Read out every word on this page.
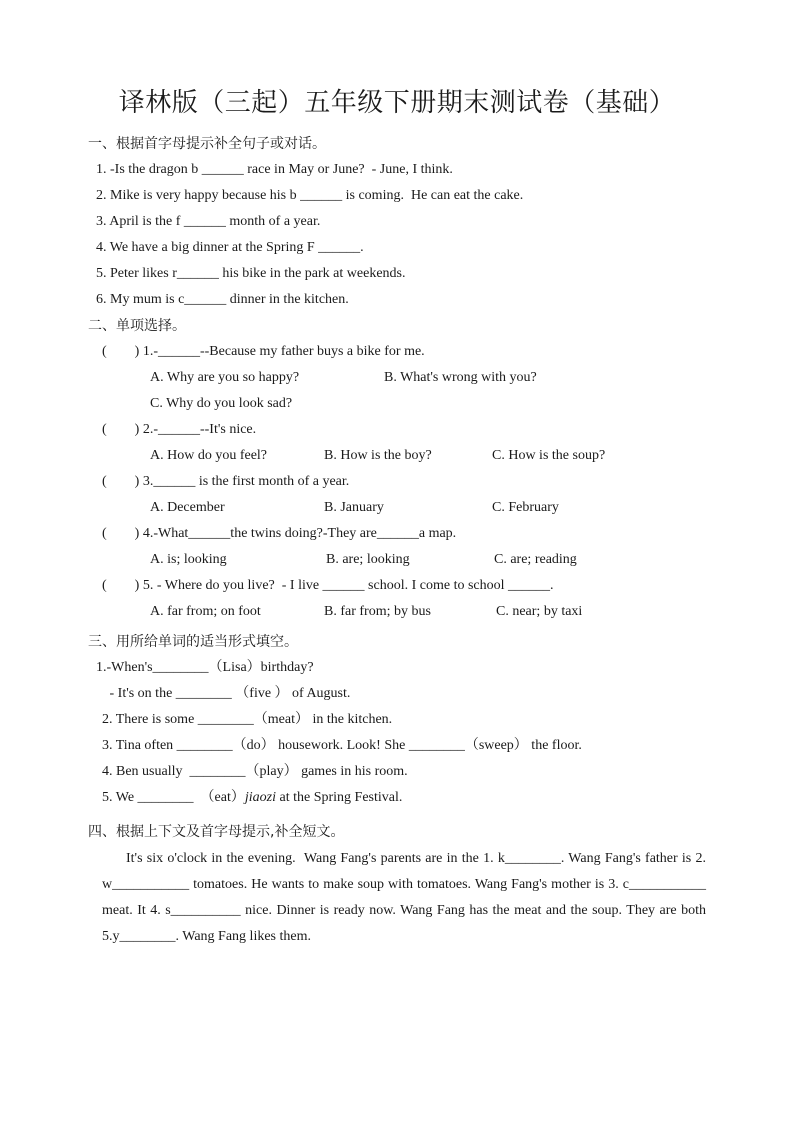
译林版（三起）五年级下册期末测试卷（基础）
一、根据首字母提示补全句子或对话。
1. -Is the dragon b ______ race in May or June?  - June, I think.
2. Mike is very happy because his b ______ is coming.  He can eat the cake.
3. April is the f ______ month of a year.
4. We have a big dinner at the Spring F ______.
5. Peter likes r______ his bike in the park at weekends.
6. My mum is c______ dinner in the kitchen.
二、单项选择。
(        ) 1.-______--Because my father buys a bike for me.
A. Why are you so happy?	B. What's wrong with you?
C. Why do you look sad?
(        ) 2.-______--It's nice.
A. How do you feel?	B. How is the boy?	C. How is the soup?
(        ) 3.______ is the first month of a year.
A. December	B. January	C. February
(        ) 4.-What______the twins doing?-They are______a map.
A. is; looking	B. are; looking	C. are; reading
(        ) 5. - Where do you live?  - I live ______ school. I come to school ______.
A. far from; on foot	B. far from; by bus	C. near; by taxi
三、用所给单词的适当形式填空。
1.-When's________（Lisa）birthday?
- It's on the ________ （five ） of August.
2. There is some ________（meat） in the kitchen.
3. Tina often ________（do） housework. Look! She ________（sweep） the floor.
4. Ben usually  ________（play） games in his room.
5. We ________  （eat）jiaozi at the Spring Festival.
四、根据上下文及首字母提示,补全短文。
It's six o'clock in the evening.  Wang Fang's parents are in the 1. k________. Wang Fang's father is 2. w___________ tomatoes. He wants to make soup with tomatoes. Wang Fang's mother is 3. c___________ meat. It 4. s__________ nice. Dinner is ready now. Wang Fang has the meat and the soup. They are both 5.y________. Wang Fang likes them.
